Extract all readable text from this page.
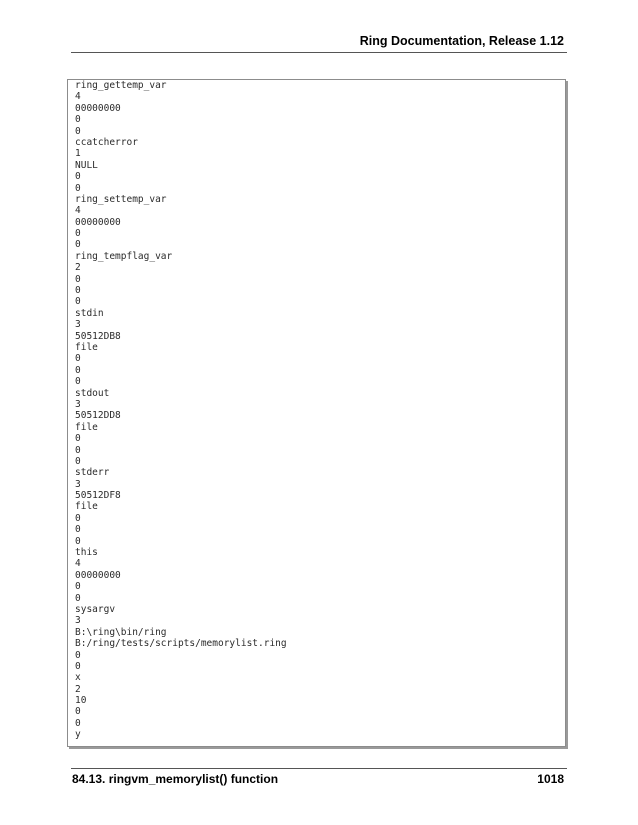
Ring Documentation, Release 1.12
ring_gettemp_var
4
00000000
0
0
ccatcherror
1
NULL
0
0
ring_settemp_var
4
00000000
0
0
ring_tempflag_var
2
0
0
0
stdin
3
50512DB8
file
0
0
0
stdout
3
50512DD8
file
0
0
0
stderr
3
50512DF8
file
0
0
0
this
4
00000000
0
0
sysargv
3
B:\ring\bin/ring
B:/ring/tests/scripts/memorylist.ring
0
0
x
2
10
0
0
y
84.13. ringvm_memorylist() function	1018
